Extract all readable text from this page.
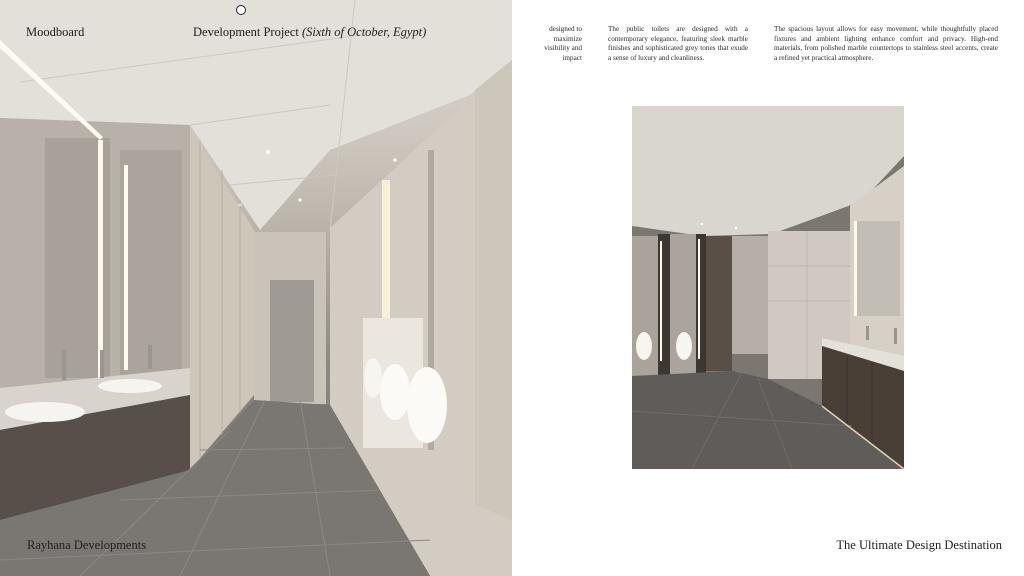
Moodboard	Development Project (Sixth of October, Egypt)
Rayhana Developments

designed to maximize visibility and impact

The public toilets are designed with a contemporary elegance, featuring sleek marble finishes and sophisticated grey tones that exude a sense of luxury and cleanliness.

The spacious layout allows for easy movement, while thoughtfully placed fixtures and ambient lighting enhance comfort and privacy. High-end materials, from polished marble countertops to stainless steel accents, create a refined yet practical atmosphere.

The Ultimate Design Destination
